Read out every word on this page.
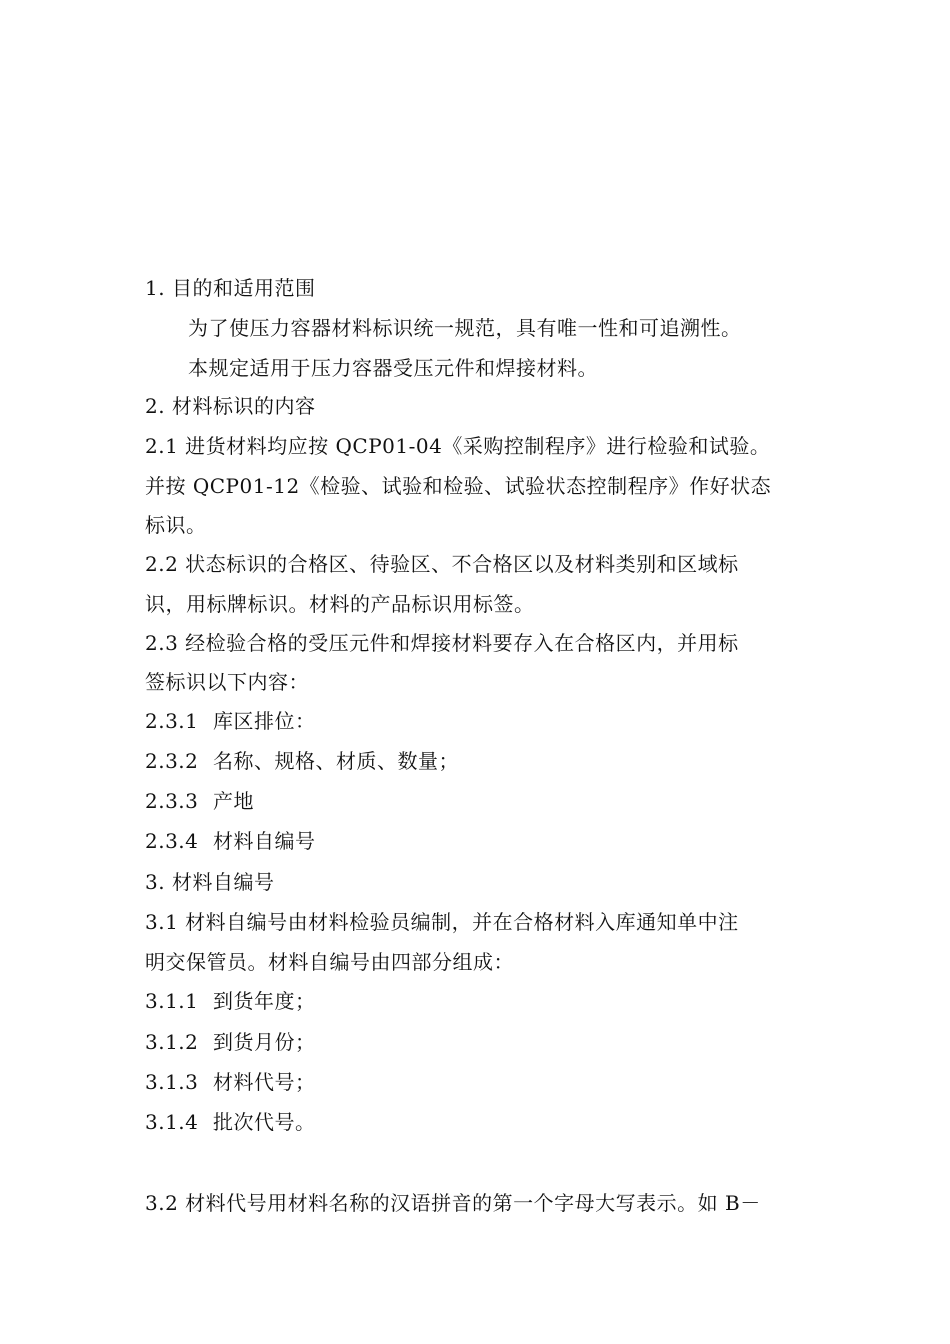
1. 目的和适用范围
为了使压力容器材料标识统一规范，具有唯一性和可追溯性。
本规定适用于压力容器受压元件和焊接材料。
2. 材料标识的内容
2.1 进货材料均应按 QCP01-04《采购控制程序》进行检验和试验。
并按 QCP01-12《检验、试验和检验、试验状态控制程序》作好状态
标识。
2.2 状态标识的合格区、待验区、不合格区以及材料类别和区域标
识，用标牌标识。材料的产品标识用标签。
2.3 经检验合格的受压元件和焊接材料要存入在合格区内，并用标
签标识以下内容：
2.3.1 库区排位：
2.3.2 名称、规格、材质、数量；
2.3.3 产地
2.3.4 材料自编号
3. 材料自编号
3.1 材料自编号由材料检验员编制，并在合格材料入库通知单中注
明交保管员。材料自编号由四部分组成：
3.1.1 到货年度；
3.1.2 到货月份；
3.1.3 材料代号；
3.1.4 批次代号。
3.2 材料代号用材料名称的汉语拼音的第一个字母大写表示。如 B－
